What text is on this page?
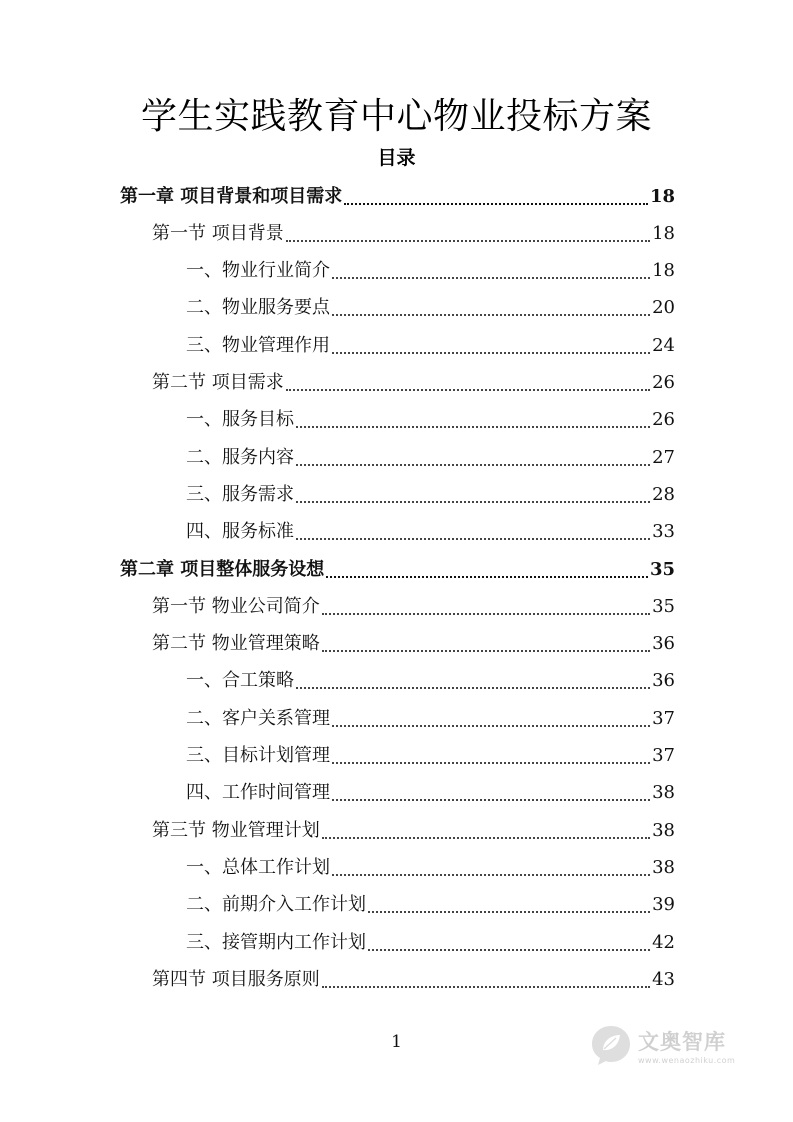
学生实践教育中心物业投标方案
目录
第一章 项目背景和项目需求	18
第一节 项目背景	18
一、物业行业简介	18
二、物业服务要点	20
三、物业管理作用	24
第二节 项目需求	26
一、服务目标	26
二、服务内容	27
三、服务需求	28
四、服务标准	33
第二章 项目整体服务设想	35
第一节 物业公司简介	35
第二节 物业管理策略	36
一、合工策略	36
二、客户关系管理	37
三、目标计划管理	37
四、工作时间管理	38
第三节 物业管理计划	38
一、总体工作计划	38
二、前期介入工作计划	39
三、接管期内工作计划	42
第四节 项目服务原则	43
1	文奥智库
www.wenaozhiku.com
